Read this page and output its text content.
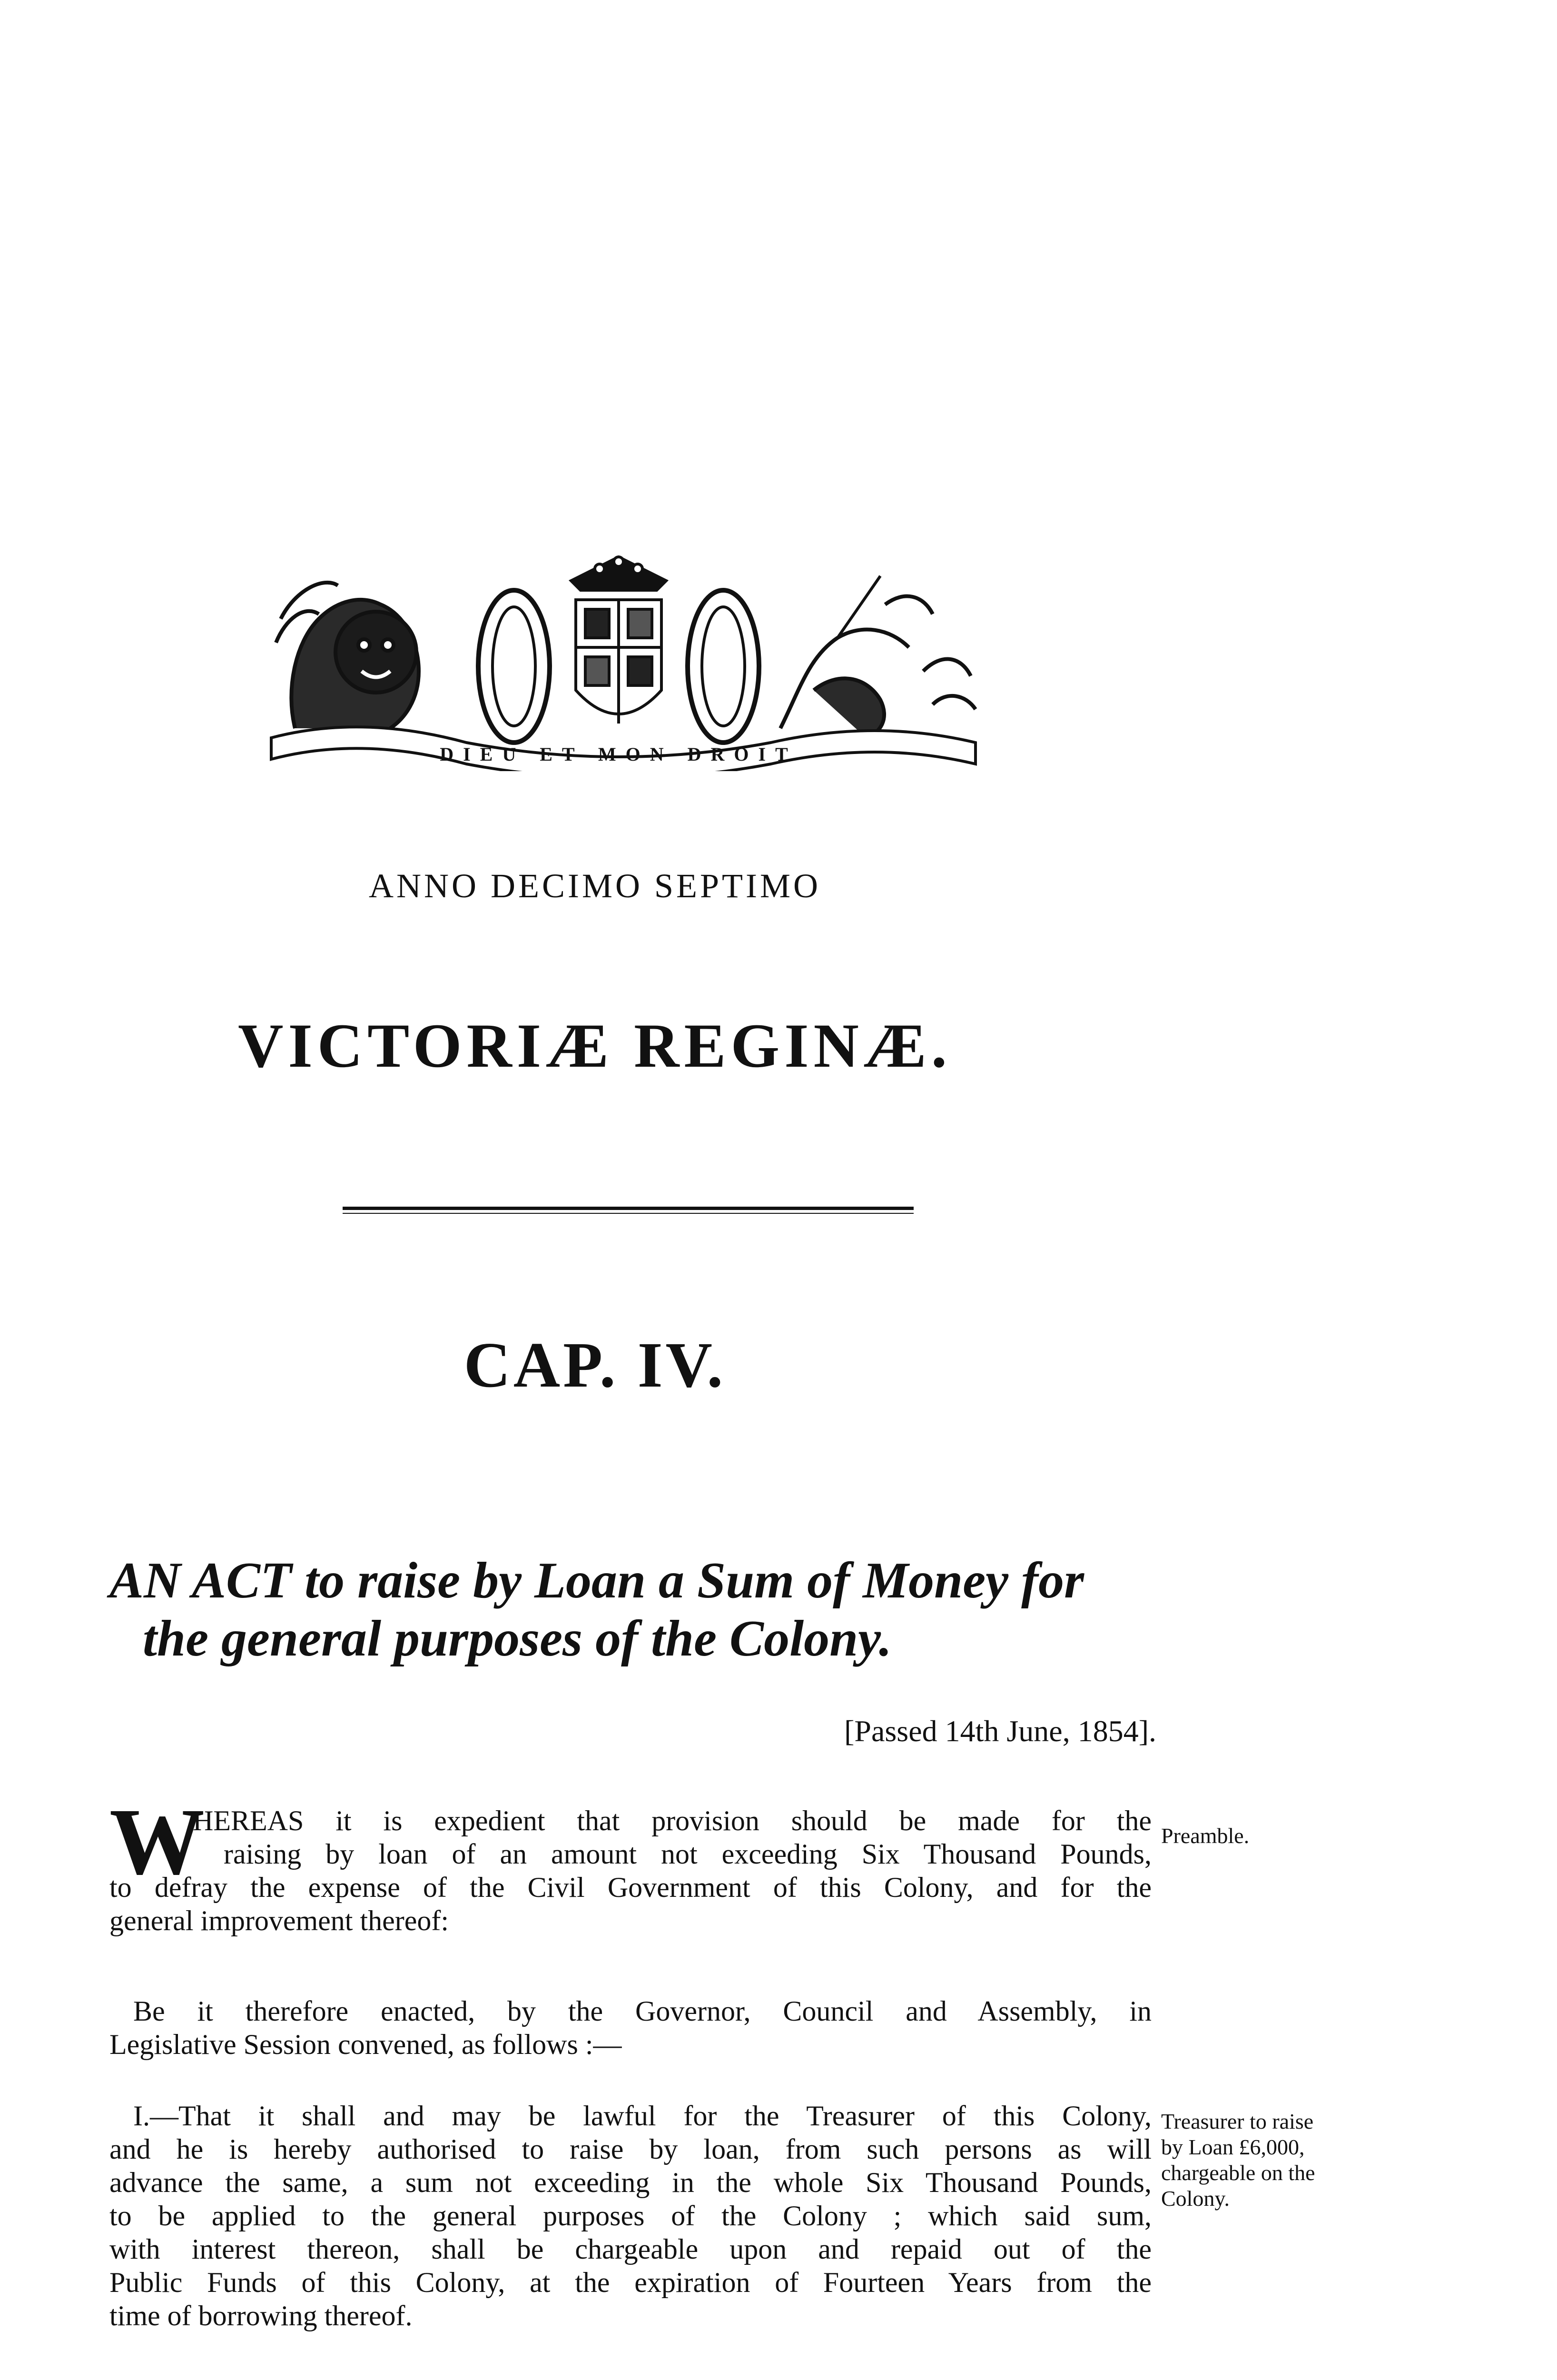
DIEU ET MON DROIT
ANNO DECIMO SEPTIMO
VICTORIÆ REGINÆ.
CAP. IV.
AN ACT to raise by Loan a Sum of Money for
the general purposes of the Colony.
[Passed 14th June, 1854].
W
HEREAS it is expedient that provision should be made for the
raising by loan of an amount not exceeding Six Thousand Pounds,
to defray the expense of the Civil Government of this Colony, and for the
general improvement thereof:
Preamble.
Be it therefore enacted, by the Governor, Council and Assembly, in
Legislative Session convened, as follows :—
I.—That it shall and may be lawful for the Treasurer of this Colony,
and he is hereby authorised to raise by loan, from such persons as will
advance the same, a sum not exceeding in the whole Six Thousand Pounds,
to be applied to the general purposes of the Colony ; which said sum,
with interest thereon, shall be chargeable upon and repaid out of the
Public Funds of this Colony, at the expiration of Fourteen Years from the
time of borrowing thereof.
Treasurer to raise
by Loan £6,000,
chargeable on the
Colony.
